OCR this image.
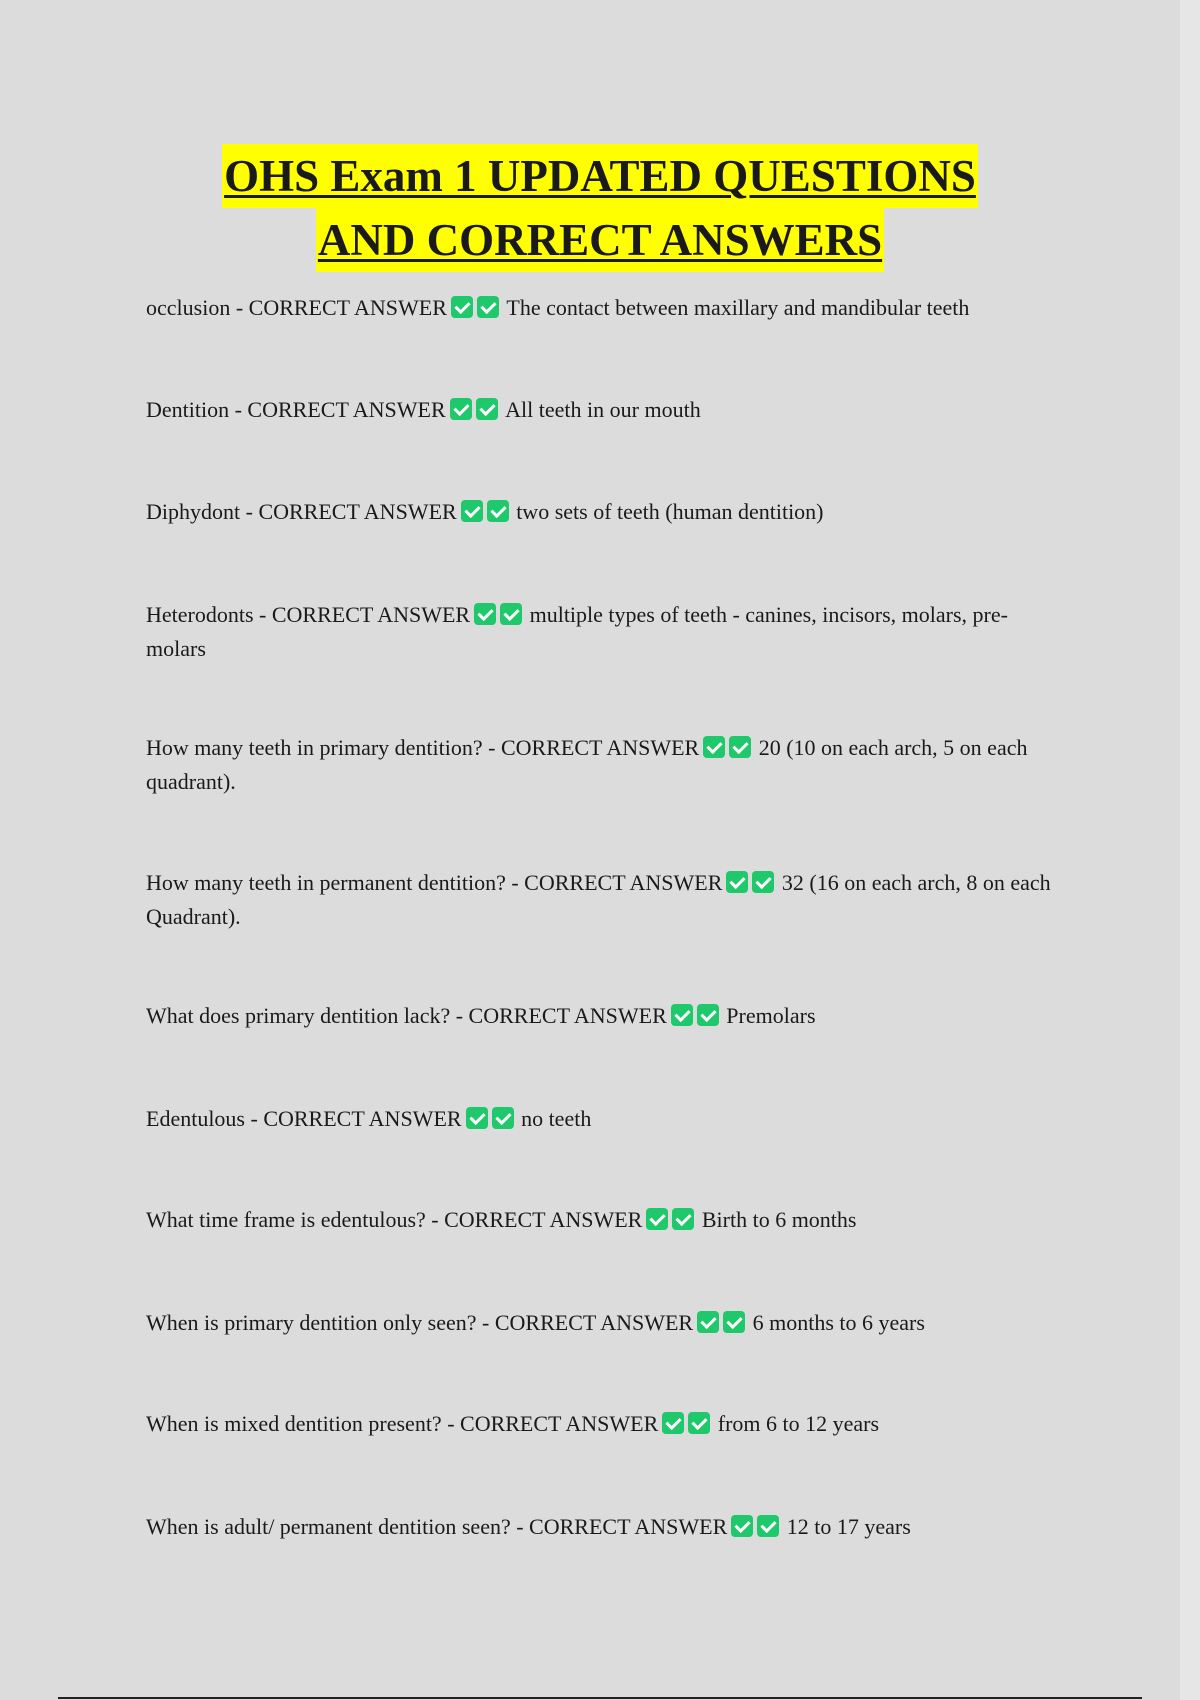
OHS Exam 1 UPDATED QUESTIONS
AND CORRECT ANSWERS
occlusion - CORRECT ANSWER	The contact between maxillary and mandibular teeth
Dentition - CORRECT ANSWER	All teeth in our mouth
Diphydont - CORRECT ANSWER	two sets of teeth (human dentition)
Heterodonts - CORRECT ANSWER	multiple types of teeth - canines, incisors, molars, pre-molars
How many teeth in primary dentition? - CORRECT ANSWER	20 (10 on each arch, 5 on each quadrant).
How many teeth in permanent dentition? - CORRECT ANSWER	32 (16 on each arch, 8 on each Quadrant).
What does primary dentition lack? - CORRECT ANSWER	Premolars
Edentulous - CORRECT ANSWER	no teeth
What time frame is edentulous? - CORRECT ANSWER	Birth to 6 months
When is primary dentition only seen? - CORRECT ANSWER	6 months to 6 years
When is mixed dentition present? - CORRECT ANSWER	from 6 to 12 years
When is adult/ permanent dentition seen? - CORRECT ANSWER	12 to 17 years
